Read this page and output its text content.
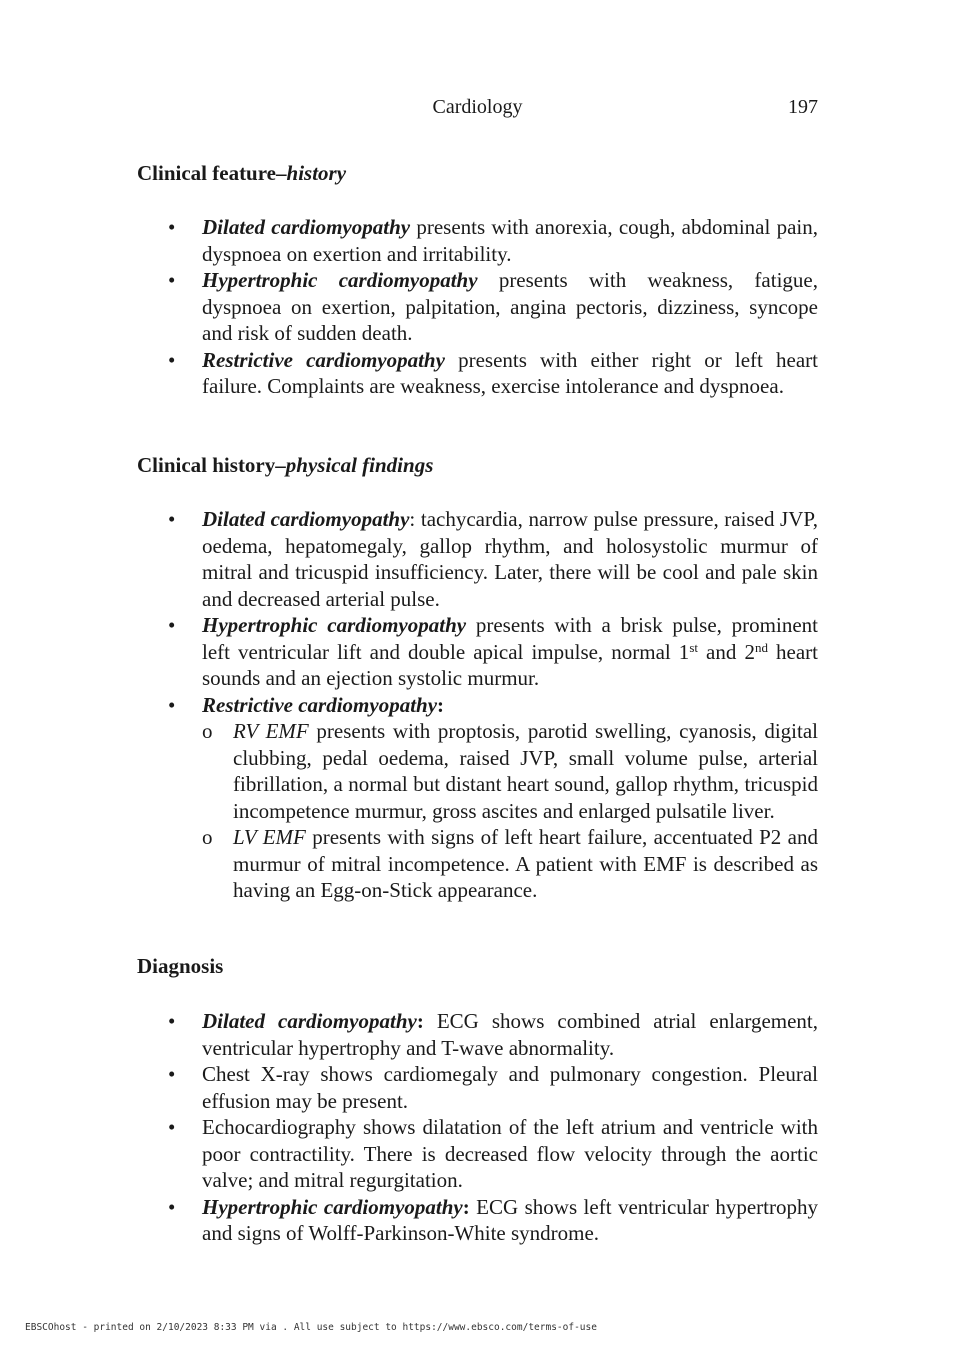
Cardiology	197
Clinical feature–history

• Dilated cardiomyopathy presents with anorexia, cough, abdominal pain, dyspnoea on exertion and irritability.

• Hypertrophic cardiomyopathy presents with weakness, fatigue, dyspnoea on exertion, palpitation, angina pectoris, dizziness, syncope and risk of sudden death.

• Restrictive cardiomyopathy presents with either right or left heart failure. Complaints are weakness, exercise intolerance and dyspnoea.

Clinical history–physical findings

• Dilated cardiomyopathy: tachycardia, narrow pulse pressure, raised JVP, oedema, hepatomegaly, gallop rhythm, and holosystolic murmur of mitral and tricuspid insufficiency. Later, there will be cool and pale skin and decreased arterial pulse.

• Hypertrophic cardiomyopathy presents with a brisk pulse, prominent left ventricular lift and double apical impulse, normal 1st and 2nd heart sounds and an ejection systolic murmur.

• Restrictive cardiomyopathy:

o RV EMF presents with proptosis, parotid swelling, cyanosis, digital clubbing, pedal oedema, raised JVP, small volume pulse, arterial fibrillation, a normal but distant heart sound, gallop rhythm, tricuspid incompetence murmur, gross ascites and enlarged pulsatile liver.

o LV EMF presents with signs of left heart failure, accentuated P2 and murmur of mitral incompetence. A patient with EMF is described as having an Egg-on-Stick appearance.

Diagnosis

• Dilated cardiomyopathy: ECG shows combined atrial enlargement, ventricular hypertrophy and T-wave abnormality.

• Chest X-ray shows cardiomegaly and pulmonary congestion. Pleural effusion may be present.

• Echocardiography shows dilatation of the left atrium and ventricle with poor contractility. There is decreased flow velocity through the aortic valve; and mitral regurgitation.

• Hypertrophic cardiomyopathy: ECG shows left ventricular hypertrophy and signs of Wolff-Parkinson-White syndrome.

EBSCOhost - printed on 2/10/2023 8:33 PM via . All use subject to https://www.ebsco.com/terms-of-use
